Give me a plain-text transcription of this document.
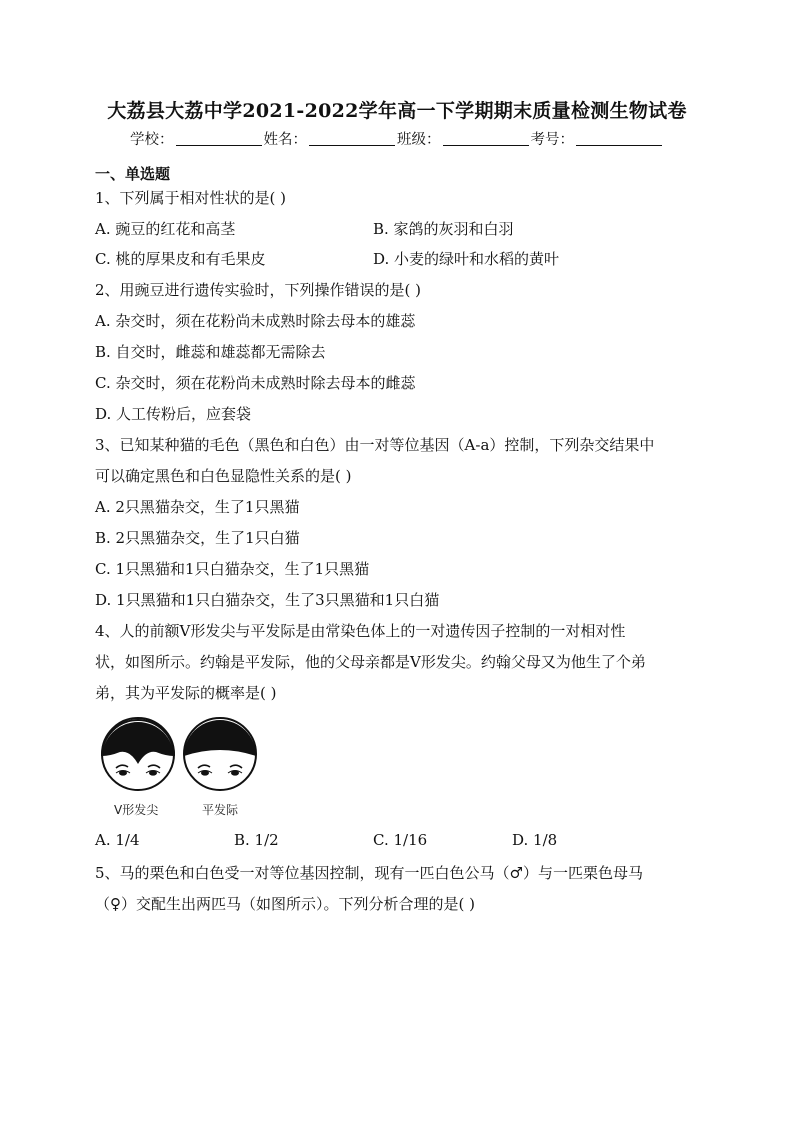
大荔县大荔中学2021-2022学年高一下学期期末质量检测生物试卷
学校：	姓名：	班级：	考号：
一、单选题
1、下列属于相对性状的是( )
A. 豌豆的红花和高茎	B. 家鸽的灰羽和白羽
C. 桃的厚果皮和有毛果皮	D. 小麦的绿叶和水稻的黄叶
2、用豌豆进行遗传实验时，下列操作错误的是( )
A. 杂交时，须在花粉尚未成熟时除去母本的雄蕊
B. 自交时，雌蕊和雄蕊都无需除去
C. 杂交时，须在花粉尚未成熟时除去母本的雌蕊
D. 人工传粉后，应套袋
3、已知某种猫的毛色（黑色和白色）由一对等位基因（A-a）控制，下列杂交结果中
可以确定黑色和白色显隐性关系的是( )
A. 2只黑猫杂交，生了1只黑猫
B. 2只黑猫杂交，生了1只白猫
C. 1只黑猫和1只白猫杂交，生了1只黑猫
D. 1只黑猫和1只白猫杂交，生了3只黑猫和1只白猫
4、人的前额V形发尖与平发际是由常染色体上的一对遗传因子控制的一对相对性
状，如图所示。约翰是平发际，他的父母亲都是V形发尖。约翰父母又为他生了个弟
弟，其为平发际的概率是( )
V形发尖	平发际
A. 1/4	B. 1/2	C. 1/16	D. 1/8
5、马的栗色和白色受一对等位基因控制，现有一匹白色公马（♂）与一匹栗色母马
（♀）交配生出两匹马（如图所示）。下列分析合理的是( )
